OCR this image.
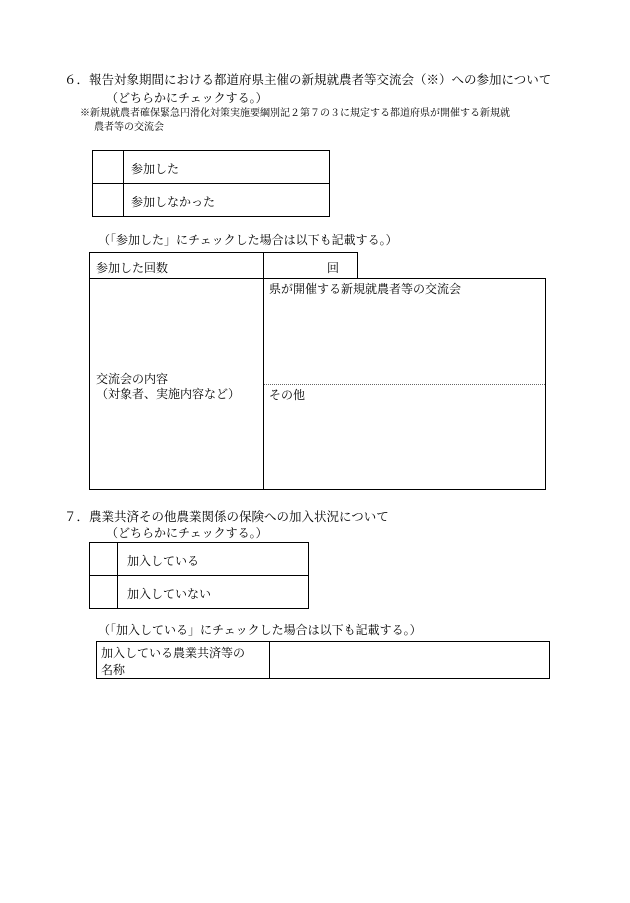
６．報告対象期間における都道府県主催の新規就農者等交流会（※）への参加について
（どちらかにチェックする。）
※新規就農者確保緊急円滑化対策実施要綱別記２第７の３に規定する都道府県が開催する新規就
農者等の交流会
参加した
参加しなかった
（「参加した」にチェックした場合は以下も記載する。）
参加した回数	回
交流会の内容
（対象者、実施内容など）
県が開催する新規就農者等の交流会
その他
７．農業共済その他農業関係の保険への加入状況について
（どちらかにチェックする。）
加入している
加入していない
（「加入している」にチェックした場合は以下も記載する。）
加入している農業共済等の
名称
